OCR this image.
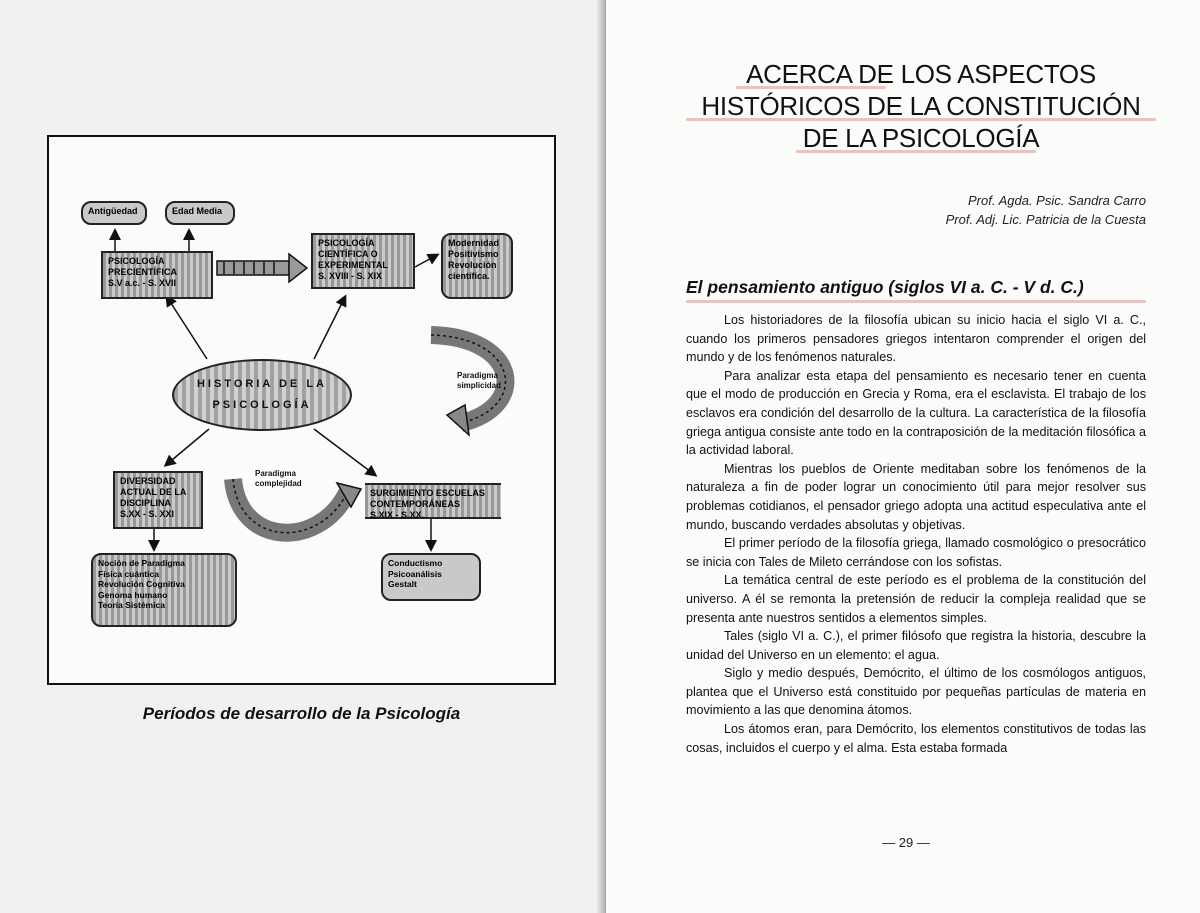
Antigüedad	Edad Media
PSICOLOGÍA
PRECIENTÍFICA
S.V a.c. - S. XVII
PSICOLOGÍA
CIENTÍFICA O
EXPERIMENTAL
S. XVIII - S. XIX
Modernidad
Positivismo
Revolución
científica.
HISTORIA DE LA
PSICOLOGÍA
Paradigma
simplicidad
Paradigma
complejidad
DIVERSIDAD
ACTUAL DE LA
DISCIPLINA
S.XX - S. XXI
SURGIMIENTO ESCUELAS
CONTEMPORÁNEAS
S.XIX - S.XX.
Noción de Paradigma
Física cuántica
Revolución Cognitiva
Genoma humano
Teoría Sistémica
Conductismo
Psicoanálisis
Gestalt
Períodos de desarrollo de la Psicología
ACERCA DE LOS ASPECTOS
HISTÓRICOS DE LA CONSTITUCIÓN
DE LA PSICOLOGÍA
Prof. Agda. Psic. Sandra Carro
Prof. Adj. Lic. Patricia de la Cuesta
El pensamiento antiguo (siglos VI a. C. - V d. C.)

Los historiadores de la filosofía ubican su inicio hacia el siglo VI a. C., cuando los primeros pensadores griegos intentaron comprender el origen del mundo y de los fenómenos naturales.

Para analizar esta etapa del pensamiento es necesario tener en cuenta que el modo de producción en Grecia y Roma, era el esclavista. El trabajo de los esclavos era condición del desarrollo de la cultura. La característica de la filosofía griega antigua consiste ante todo en la contraposición de la meditación filosófica a la actividad laboral.

Mientras los pueblos de Oriente meditaban sobre los fenómenos de la naturaleza a fin de poder lograr un conocimiento útil para mejor resolver sus problemas cotidianos, el pensador griego adopta una actitud especulativa ante el mundo, buscando verdades absolutas y objetivas.

El primer período de la filosofía griega, llamado cosmológico o presocrático se inicia con Tales de Mileto cerrándose con los sofistas.

La temática central de este período es el problema de la constitución del universo. A él se remonta la pretensión de reducir la compleja realidad que se presenta ante nuestros sentidos a elementos simples.

Tales (siglo VI a. C.), el primer filósofo que registra la historia, descubre la unidad del Universo en un elemento: el agua.

Siglo y medio después, Demócrito, el último de los cosmólogos antiguos, plantea que el Universo está constituido por pequeñas partículas de materia en movimiento a las que denomina átomos.

Los átomos eran, para Demócrito, los elementos constitutivos de todas las cosas, incluidos el cuerpo y el alma. Esta estaba formada

— 29 —
